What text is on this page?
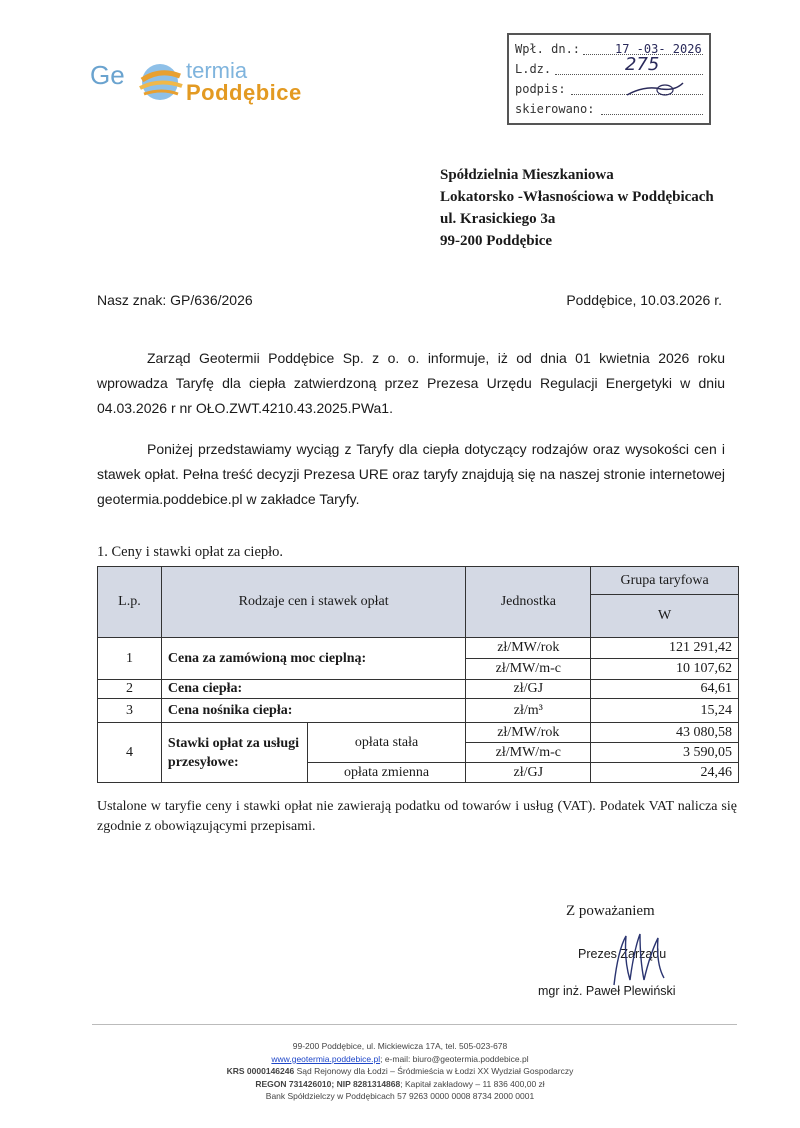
Ge	termia
Poddębice
Wpł. dn.:	17 -03- 2026
L.dz.	275
podpis:
skierowano:
Spółdzielnia Mieszkaniowa
Lokatorsko -Własnościowa w Poddębicach
ul. Krasickiego 3a
99-200 Poddębice
Nasz znak: GP/636/2026	Poddębice, 10.03.2026 r.
Zarząd Geotermii Poddębice Sp. z o. o. informuje, iż od dnia 01 kwietnia 2026 roku wprowadza Taryfę dla ciepła zatwierdzoną przez Prezesa Urzędu Regulacji Energetyki w dniu 04.03.2026 r nr OŁO.ZWT.4210.43.2025.PWa1.
Poniżej przedstawiamy wyciąg z Taryfy dla ciepła dotyczący rodzajów oraz wysokości cen i stawek opłat. Pełna treść decyzji Prezesa URE oraz taryfy znajdują się na naszej stronie internetowej geotermia.poddebice.pl w zakładce Taryfy.
1. Ceny i stawki opłat za ciepło.
L.p.	Rodzaje cen i stawek opłat		Jednostka	Grupa taryfowa
				W
1	Cena za zamówioną moc cieplną:		zł/MW/rok	121 291,42
			zł/MW/m-c	10 107,62
2	Cena ciepła:		zł/GJ	64,61
3	Cena nośnika ciepła:		zł/m³	15,24
4	Stawki opłat za usługi przesyłowe:	opłata stała	zł/MW/rok	43 080,58
			zł/MW/m-c	3 590,05
		opłata zmienna	zł/GJ	24,46
Ustalone w taryfie ceny i stawki opłat nie zawierają podatku od towarów i usług (VAT). Podatek VAT nalicza się zgodnie z obowiązującymi przepisami.
Z poważaniem
Prezes Zarządu
mgr inż. Paweł Plewiński
99-200 Poddębice, ul. Mickiewicza 17A, tel. 505-023-678
www.geotermia.poddebice.pl; e-mail: biuro@geotermia.poddebice.pl
KRS 0000146246 Sąd Rejonowy dla Łodzi – Śródmieścia w Łodzi XX Wydział Gospodarczy
REGON 731426010; NIP 8281314868; Kapitał zakładowy – 11 836 400,00 zł
Bank Spółdzielczy w Poddębicach 57 9263 0000 0008 8734 2000 0001
